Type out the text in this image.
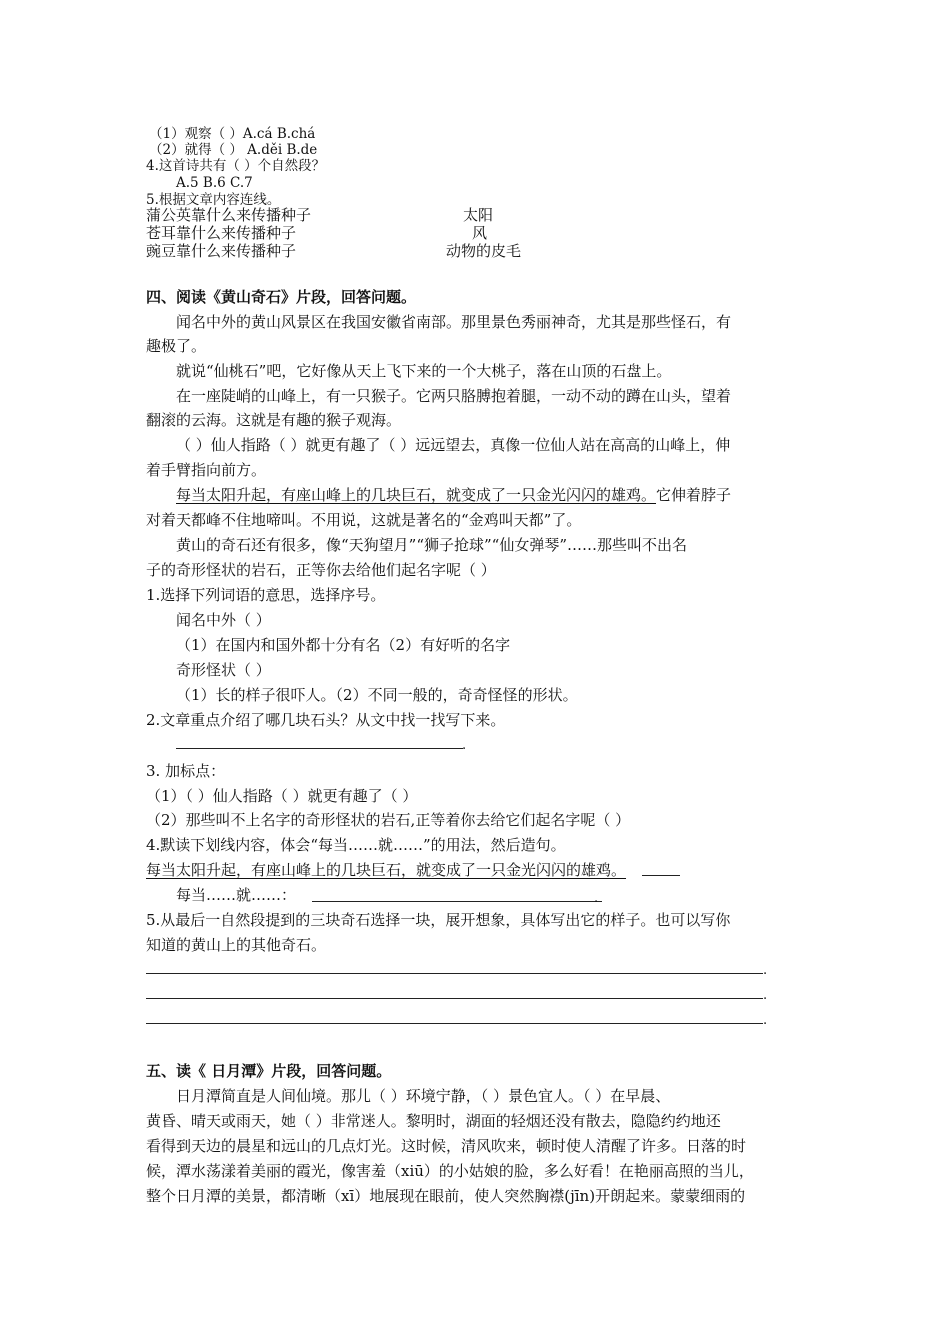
（1）观察（ ）A.cá B.chá
（2）就得（ ） A.děi B.de
4.这首诗共有（ ）个自然段？
A.5 B.6 C.7
5.根据文章内容连线。
蒲公英靠什么来传播种子
苍耳靠什么来传播种子
豌豆靠什么来传播种子
太阳
风
动物的皮毛
四、阅读《黄山奇石》片段，回答问题。
闻名中外的黄山风景区在我国安徽省南部。那里景色秀丽神奇，尤其是那些怪石，有
趣极了。
就说“仙桃石”吧，它好像从天上飞下来的一个大桃子，落在山顶的石盘上。
在一座陡峭的山峰上，有一只猴子。它两只胳膊抱着腿，一动不动的蹲在山头，望着
翻滚的云海。这就是有趣的猴子观海。
（ ）仙人指路（ ）就更有趣了（ ）远远望去，真像一位仙人站在高高的山峰上，伸
着手臂指向前方。
每当太阳升起，有座山峰上的几块巨石，就变成了一只金光闪闪的雄鸡。它伸着脖子
对着天都峰不住地啼叫。不用说，这就是著名的“金鸡叫天都”了。
黄山的奇石还有很多，像“天狗望月”“狮子抢球”“仙女弹琴”……那些叫不出名
子的奇形怪状的岩石，正等你去给他们起名字呢（ ）
1.选择下列词语的意思，选择序号。
闻名中外（ ）
（1）在国内和国外都十分有名（2）有好听的名字
奇形怪状（ ）
（1）长的样子很吓人。（2）不同一般的，奇奇怪怪的形状。
2.文章重点介绍了哪几块石头？从文中找一找写下来。
.
3. 加标点：
（1）（ ）仙人指路（ ）就更有趣了（ ）
（2）那些叫不上名字的奇形怪状的岩石,正等着你去给它们起名字呢（ ）
4.默读下划线内容，体会“每当……就……”的用法，然后造句。
每当太阳升起，有座山峰上的几块巨石，就变成了一只金光闪闪的雄鸡。
每当……就……：	.
5.从最后一自然段提到的三块奇石选择一块，展开想象，具体写出它的样子。也可以写你
知道的黄山上的其他奇石。
.
.
.
五、读《 日月潭》片段，回答问题。
日月潭简直是人间仙境。那儿（ ）环境宁静，（ ）景色宜人。（ ）在早晨、
黄昏、晴天或雨天，她（ ）非常迷人。黎明时，湖面的轻烟还没有散去，隐隐约约地还
看得到天边的晨星和远山的几点灯光。这时候，清风吹来，顿时使人清醒了许多。日落的时
候，潭水荡漾着美丽的霞光，像害羞（xiū）的小姑娘的脸，多么好看！在艳丽高照的当儿，
整个日月潭的美景，都清晰（xī）地展现在眼前，使人突然胸襟(jīn)开朗起来。蒙蒙细雨的
